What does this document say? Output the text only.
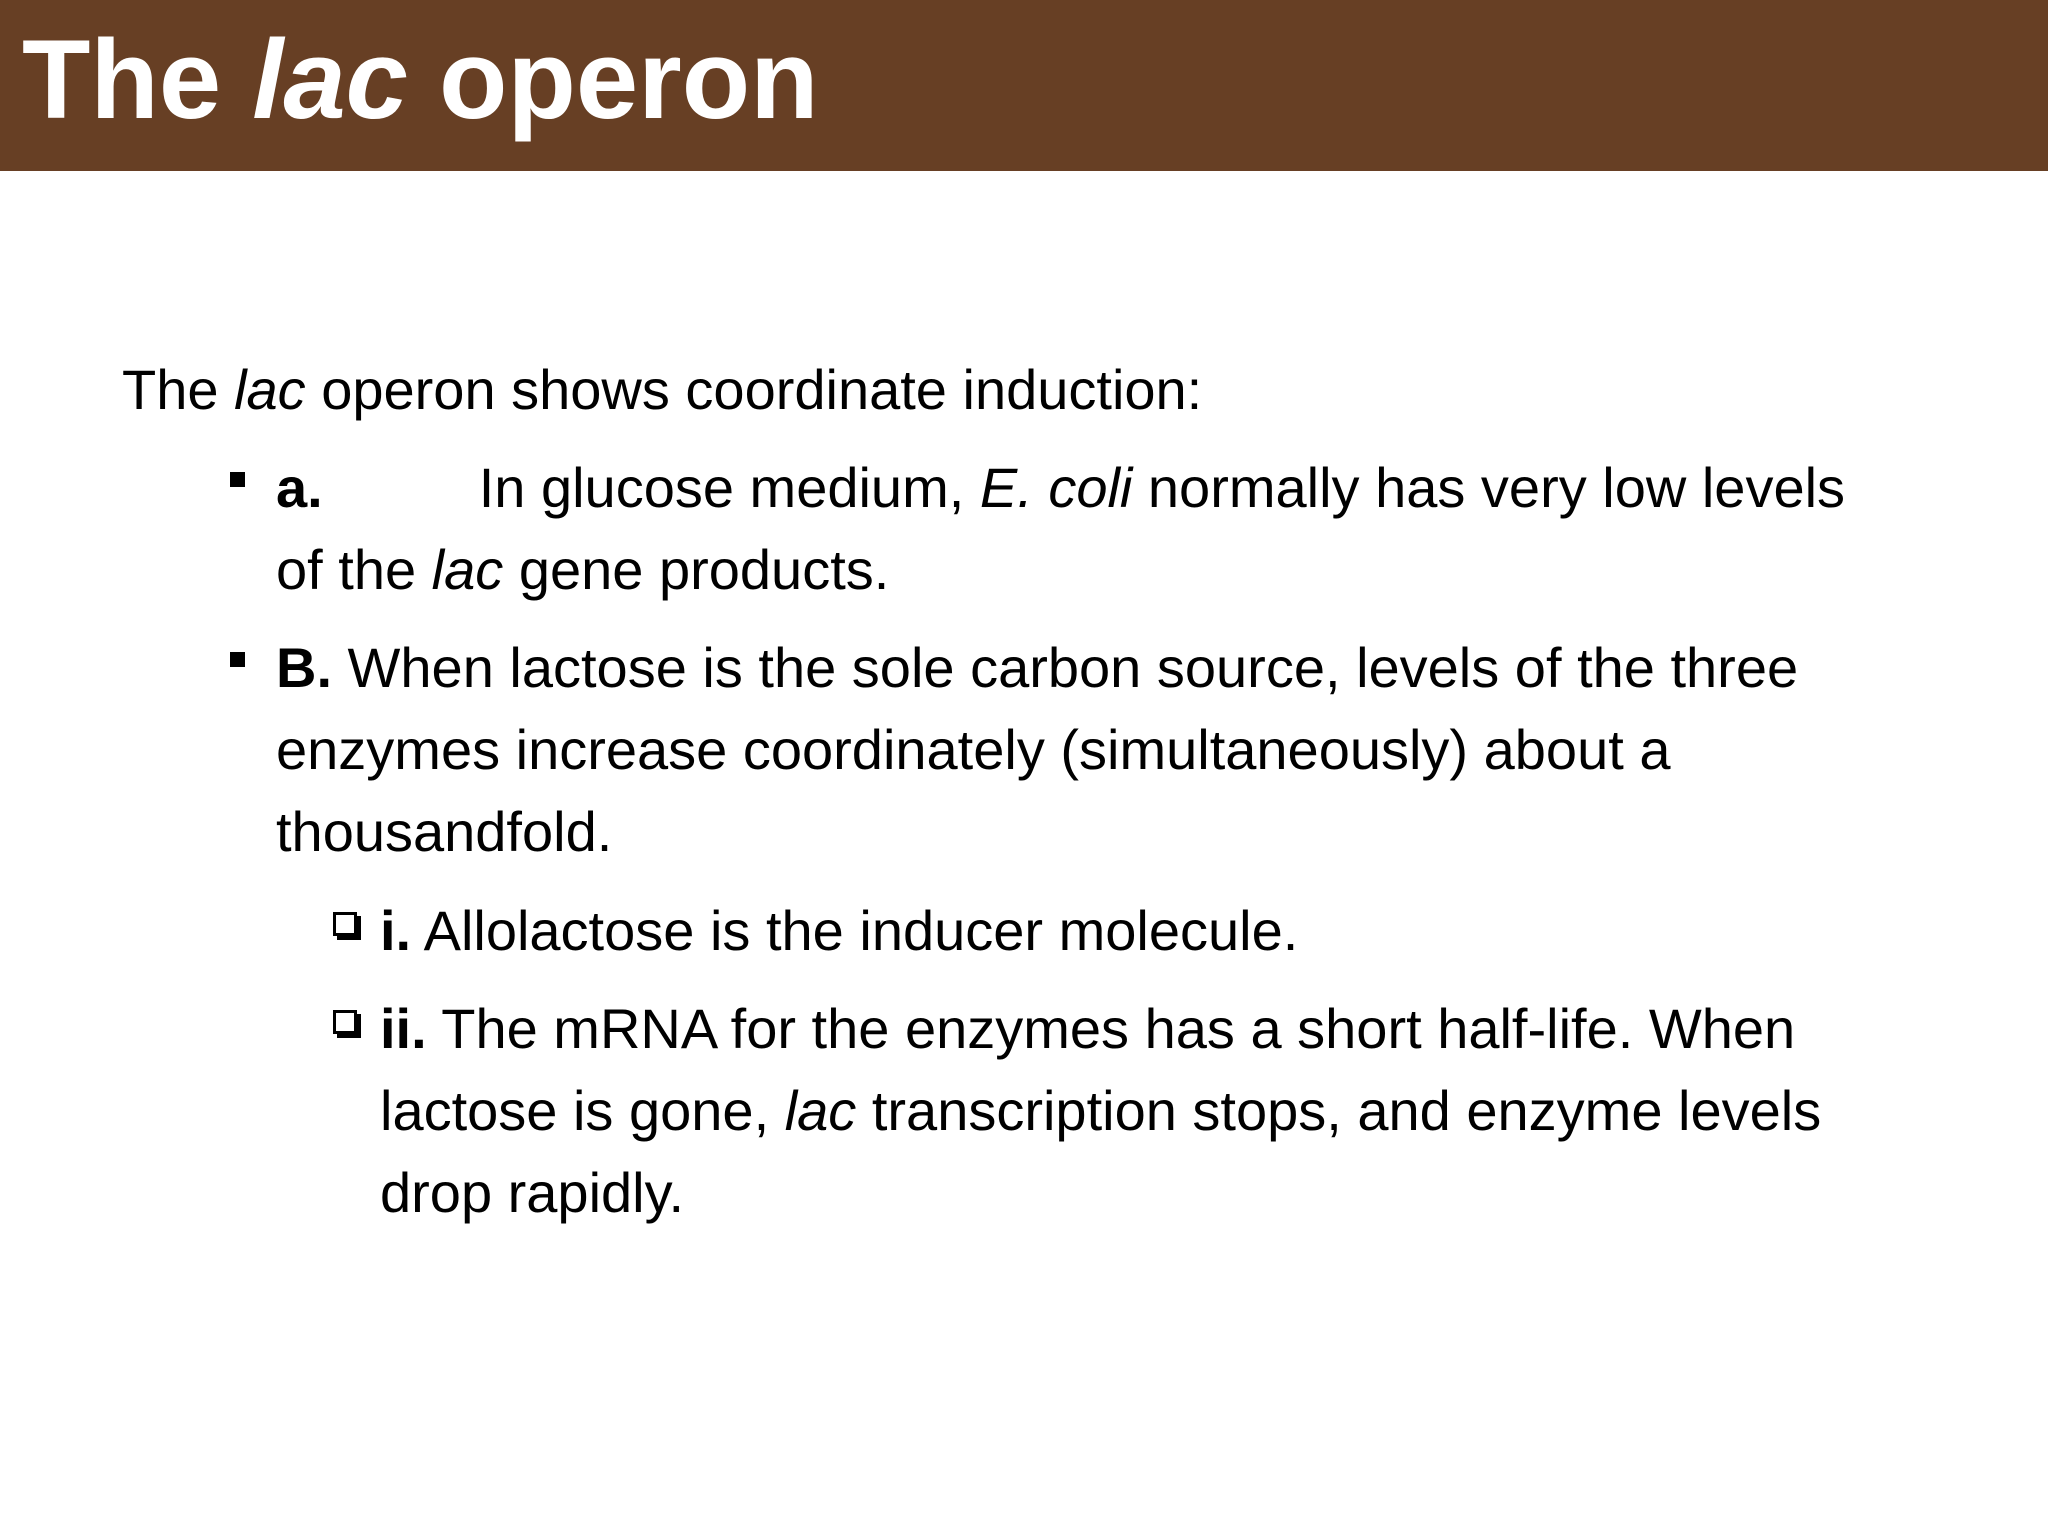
The lac operon
The lac operon shows coordinate induction:
a.	In glucose medium, E. coli normally has very low levels of the lac gene products.
B. When lactose is the sole carbon source, levels of the three enzymes increase coordinately (simultaneously) about a thousandfold.
i. Allolactose is the inducer molecule.
ii. The mRNA for the enzymes has a short half-life. When lactose is gone, lac transcription stops, and enzyme levels drop rapidly.
